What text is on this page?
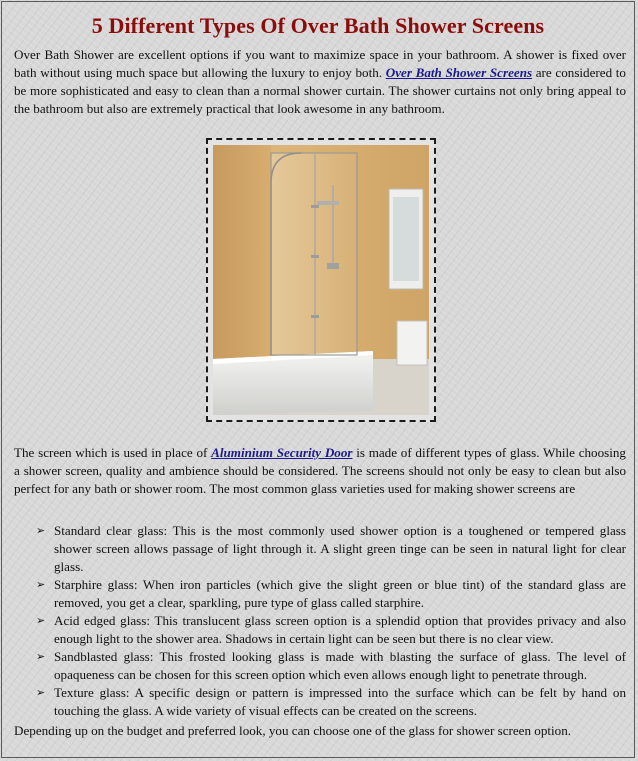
5 Different Types Of Over Bath Shower Screens
Over Bath Shower are excellent options if you want to maximize space in your bathroom. A shower is fixed over bath without using much space but allowing the luxury to enjoy both. Over Bath Shower Screens are considered to be more sophisticated and easy to clean than a normal shower curtain. The shower curtains not only bring appeal to the bathroom but also are extremely practical that look awesome in any bathroom.
The screen which is used in place of Aluminium Security Door is made of different types of glass. While choosing a shower screen, quality and ambience should be considered. The screens should not only be easy to clean but also perfect for any bath or shower room. The most common glass varieties used for making shower screens are
➢ Standard clear glass: This is the most commonly used shower option is a toughened or tempered glass shower screen allows passage of light through it. A slight green tinge can be seen in natural light for clear glass.
➢ Starphire glass: When iron particles (which give the slight green or blue tint) of the standard glass are removed, you get a clear, sparkling, pure type of glass called starphire.
➢ Acid edged glass: This translucent glass screen option is a splendid option that provides privacy and also enough light to the shower area. Shadows in certain light can be seen but there is no clear view.
➢ Sandblasted glass: This frosted looking glass is made with blasting the surface of glass. The level of opaqueness can be chosen for this screen option which even allows enough light to penetrate through.
➢ Texture glass: A specific design or pattern is impressed into the surface which can be felt by hand on touching the glass. A wide variety of visual effects can be created on the screens.
Depending up on the budget and preferred look, you can choose one of the glass for shower screen option.
